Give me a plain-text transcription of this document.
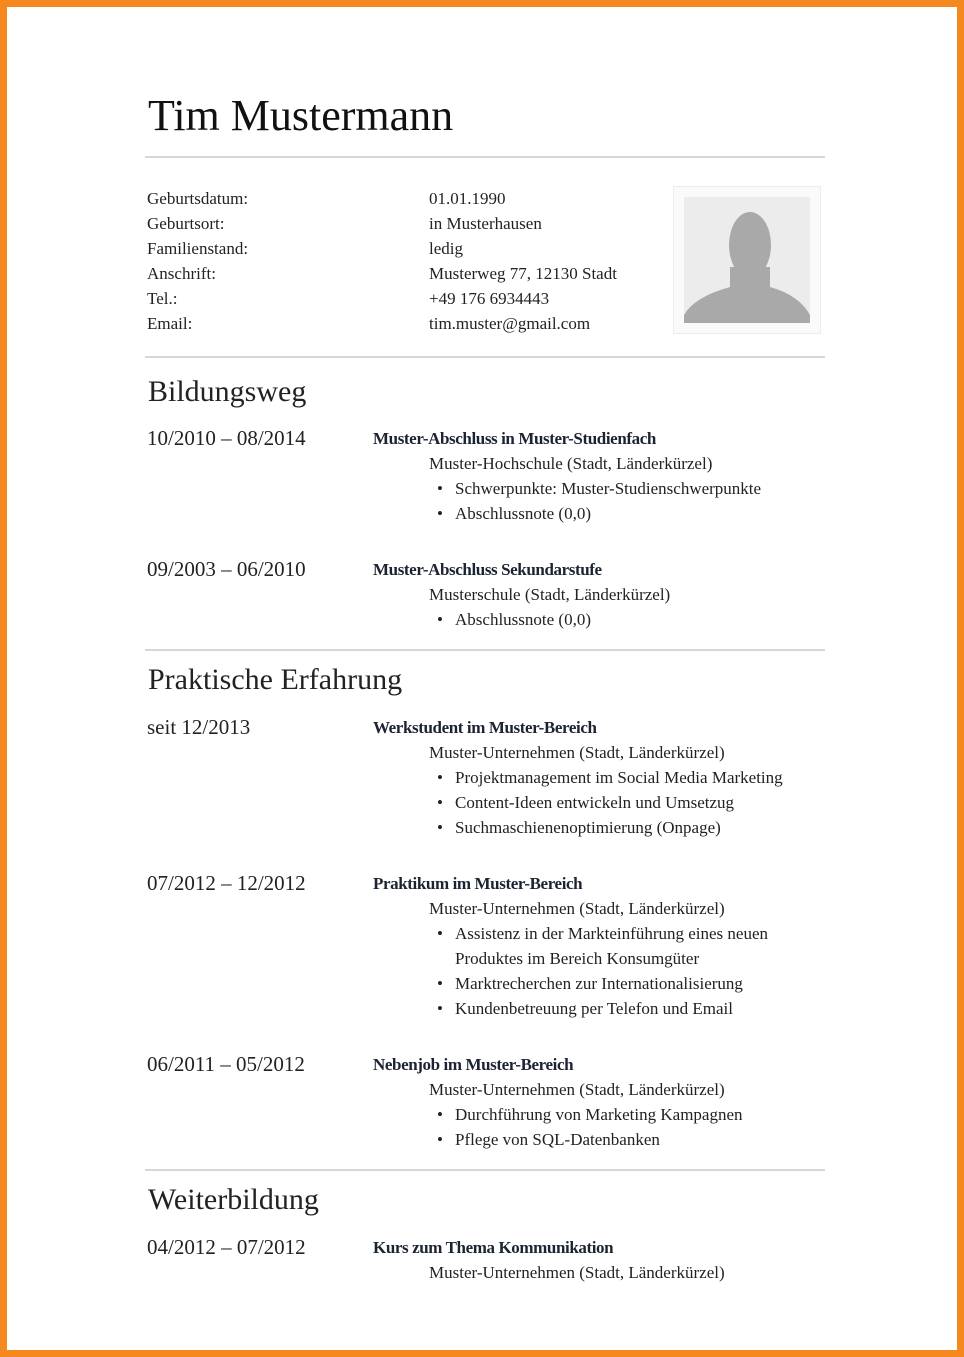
Tim Mustermann
Geburtsdatum:	01.01.1990
Geburtsort:	in Musterhausen
Familienstand:	ledig
Anschrift:	Musterweg 77, 12130 Stadt
Tel.:	+49 176 6934443
Email:	tim.muster@gmail.com
Bildungsweg
10/2010 – 08/2014	Muster-Abschluss in Muster-Studienfach
Muster-Hochschule (Stadt, Länderkürzel)
• Schwerpunkte: Muster-Studienschwerpunkte
• Abschlussnote (0,0)
09/2003 – 06/2010	Muster-Abschluss Sekundarstufe
Musterschule (Stadt, Länderkürzel)
• Abschlussnote (0,0)
Praktische Erfahrung
seit 12/2013	Werkstudent im Muster-Bereich
Muster-Unternehmen (Stadt, Länderkürzel)
• Projektmanagement im Social Media Marketing
• Content-Ideen entwickeln und Umsetzug
• Suchmaschienenoptimierung (Onpage)
07/2012 – 12/2012	Praktikum im Muster-Bereich
Muster-Unternehmen (Stadt, Länderkürzel)
• Assistenz in der Markteinführung eines neuen Produktes im Bereich Konsumgüter
• Marktrecherchen zur Internationalisierung
• Kundenbetreuung per Telefon und Email
06/2011 – 05/2012	Nebenjob im Muster-Bereich
Muster-Unternehmen (Stadt, Länderkürzel)
• Durchführung von Marketing Kampagnen
• Pflege von SQL-Datenbanken
Weiterbildung
04/2012 – 07/2012	Kurs zum Thema Kommunikation
Muster-Unternehmen (Stadt, Länderkürzel)
